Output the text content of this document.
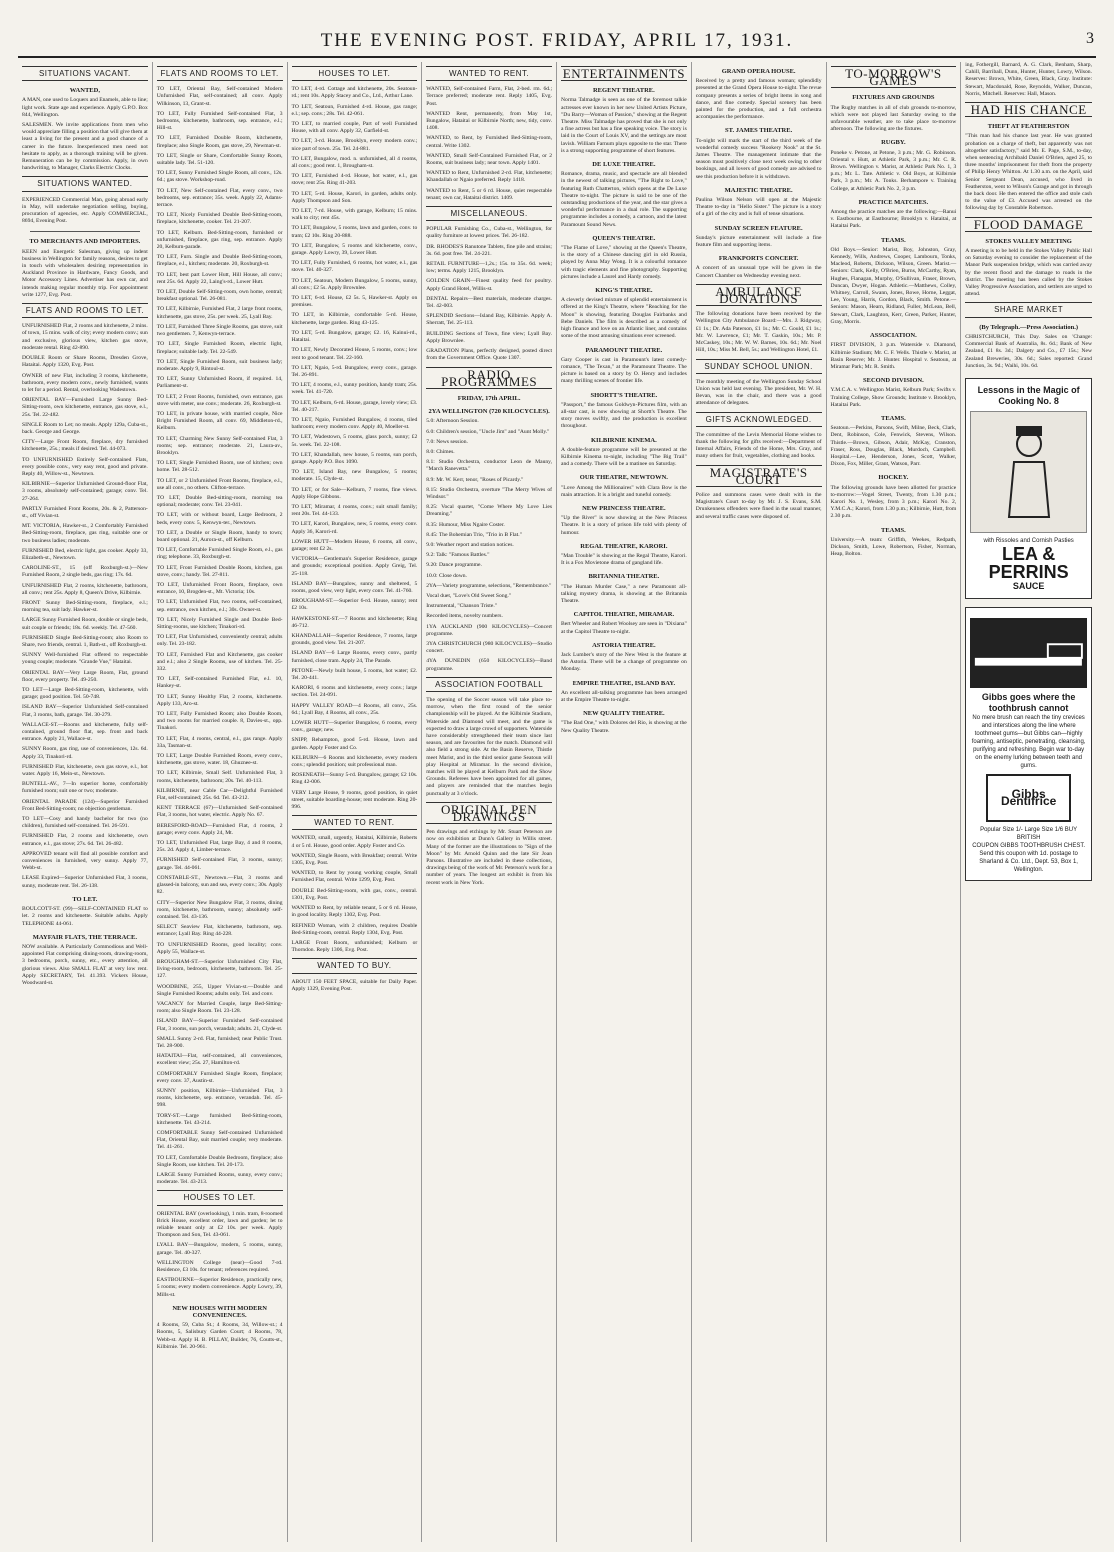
THE EVENING POST. FRIDAY, APRIL 17, 1931.	3
SITUATIONS VACANT.
WANTED,

A MAN, one used to Loquers and Enamels, able to line; light work. State age and experience. Apply G.P.O. Box 844, Wellington.

SALESMEN. We invite applications from men who would appreciate filling a position that will give them at least a living for the present and a good chance of a career in the future. Inexperienced men need not hesitate to apply, as a thorough training will be given. Remuneration can be by commission. Apply, in own handwriting, to Manager, Clarks Electric Clocks.

SITUATIONS WANTED.

EXPERIENCED Commercial Man, going abroad early in May, will undertake negotiation selling, buying, procuration of agencies, etc. Apply COMMERCIAL, 8694, Evening Post.

TO MERCHANTS AND IMPORTERS.

KEEN and Energetic Salesman, giving up indent business in Wellington for family reasons, desires to get in touch with wholesalers desiring representation in Auckland Province in Hardware, Fancy Goods, and Motor Accessory Lines. Advertiser has own car, and intends making regular monthly trip. For appointment write 1277, Evg. Post.

FLATS AND ROOMS TO LET.

UNFURNISHED Flat, 2 rooms and kitchenette, 2 mins. of town, 15 mins. walk of city; every modern conv.; sun and exclusive, glorious view, kitchen gas stove, moderate rental. Ring 42-890.

DOUBLE Room or Share Rooms, Dresden Grove, Hataitai. Apply 1320, Evg. Post.

OWNER of new Flat, including 3 rooms, kitchenette, bathroom, every modern conv., newly furnished, wants to let for a period. Rental, overlooking Wadestown.

ORIENTAL BAY—Furnished Large Sunny Bed-Sitting-room, own kitchenette, entrance, gas stove, e.l., 25s. Tel. 22-482.

SINGLE Room to Let; no meals. Apply 129a, Cuba-st., back. George and George.

CITY—Large Front Room, fireplace, dry furnished kitchenette, 25s.; meals if desired. Tel. 44-073.

TO UNFURNISHED Entirely Self-contained Flats, every possible conv., very easy rent, good and private. Reply 40, Willow-st., Newtown.

KILBIRNIE—Superior Unfurnished Ground-floor Flat, 3 rooms, absolutely self-contained; garage; conv. Tel. 27-264.

PARTLY Furnished Front Rooms, 20s. & 2, Patterson-st., off Vivian-st.

MT. VICTORIA, Hawker-st., 2 Comfortably Furnished Bed-Sitting-room, fireplace, gas ring, suitable one or two business ladies; moderate.

FURNISHED Bed, electric light, gas cooker. Apply 33, Elizabeth-st., Newtown.

CAROLINE-ST., 15 (off Roxburgh-st.)—New Furnished Room, 2 single beds, gas ring; 17s. 6d.

UNFURNISHED Flat, 2 rooms, kitchenette, bathroom, all conv.; rent 25s. Apply 8, Queen's Drive, Kilbirnie.

FRONT Sunny Bed-Sitting-room, fireplace, e.l.; morning tea, suit lady. Hawker-st.

LARGE Sunny Furnished Room, double or single beds, suit couple or friends; 18s. 6d. weekly. Tel. 47-560.

FURNISHED Single Bed-Sitting-room; also Room to Share, two friends, central. 1, Bath-st., off Roxburgh-st.

SUNNY Well-furnished Flat offered to respectable young couple; moderate. "Grande Vue," Hataitai.

ORIENTAL BAY—Very Large Room, Flat, ground floor, every property. Tel. 49-250.

TO LET—Large Bed-Sitting-room, kitchenette, with garage; good position. Tel. 50-748.

ISLAND BAY—Superior Unfurnished Self-contained Flat, 3 rooms, bath, garage. Tel. 30-279.

WALLACE-ST.—Rooms and kitchenette, fully self-contained, ground floor flat, sep. front and back entrance. Apply 21, Wallace-st.

SUNNY Room, gas ring, use of conveniences, 12s. 6d. Apply 33, Tinakori-rd.

FURNISHED Flat, kitchenette, own gas stove, e.l., hot water. Apply 16, Mein-st., Newtown.

BUNTELL-AV., 7—In superior home, comfortably furnished room; suit one or two; moderate.

ORIENTAL PARADE (124)—Superior Furnished Front Bed-Sitting-room; no objection gentleman.

TO LET—Cosy and handy bachelor for two (no children), furnished self-contained. Tel. 26-591.

FURNISHED Flat, 2 rooms and kitchenette, own entrance, e.l., gas stove; 27s. 6d. Tel. 26-482.

APPROVED tenant will find all possible comfort and conveniences in furnished, very sunny. Apply 77, Webb-st.

LEASE Expired—Superior Unfurnished Flat, 3 rooms, sunny, moderate rent. Tel. 26-138.

TO LET.

BOULCOTT-ST. (99)—SELF-CONTAINED FLAT to let. 2 rooms and kitchenette. Suitable adults. Apply TELEPHONE 44-061.

MAYFAIR FLATS, THE TERRACE.

NOW available. A Particularly Commodious and Well-appointed Flat comprising dining-room, drawing-room, 3 bedrooms, porch, sunny, etc., every attention, all glorious views. Also SMALL FLAT at very low rent. Apply SECRETARY, Tel. 41.393. Vickers House, Woodward-st.

FLATS AND ROOMS TO LET.

TO LET, Oriental Bay, Self-contained Modern Unfurnished Flat, self-contained; all conv. Apply Wilkinson, 13, Grant-st.

TO LET, Fully Furnished Self-contained Flat, 3 bedrooms, kitchenette, bathroom, sep. entrance, e.l.; Hill-st.

TO LET, Furnished Double Room, kitchenette, fireplace; also Single Room, gas stove, 29, Newman-st.

TO LET, Single or Share, Comfortable Sunny Room, suitable lady. Tel. 51-120.

TO LET, Sunny Furnished Single Room, all conv., 12s. 6d.; gas stove. Workshop-road.

TO LET, New Self-contained Flat, every conv., two bedrooms, sep. entrance; 35s. week. Apply 22, Adams-terrace.

TO LET, Nicely Furnished Double Bed-Sitting-room, fireplace, kitchenette, cooker. Tel. 21-207.

TO LET, Kelburn. Bed-Sitting-room, furnished or unfurnished, fireplace, gas ring, sep. entrance. Apply 20, Kelburn-parade.

TO LET, Furn. Single and Double Bed-Sitting-room, fireplace, e.l., kitchen; moderate. 20, Roxburgh-st.

TO LET, best part Lower Hutt, Hill House, all conv.; rent 25s. 6d. Apply 22, Laing's-rd., Lower Hutt.

TO LET, Double Self-Sitting-room, own home, central; breakfast optional. Tel. 26-081.

TO LET, Kilbirnie, Furnished Flat, 2 large front rooms, kitchenette, gas stove, 25s. per week. 25, Lyall Bay.

TO LET, Furnished Three Single Rooms, gas stove, suit two gentlemen. 7, Kenwyn-terrace.

TO LET, Single Furnished Room, electric light, fireplace; suitable lady. Tel. 22-549.

TO LET, Single Furnished Room, suit business lady; moderate. Apply 9, Rintoul-st.

TO LET, Sunny Unfurnished Room, if required. 14, Parliament-st.

TO LET, 2 Front Rooms, furnished, own entrance, gas stove with meter, use conv.; moderate. 26, Roxburgh-st.

TO LET, in private house, with married couple, Nice Bright Furnished Room, all conv. 69, Middleton-rd., Kelburn.

TO LET, Charming New Sunny Self-contained Flat, 3 rooms; sep. entrance; moderate. 21, Laura-av., Brooklyn.

TO LET, Single Furnished Room, use of kitchen; own home. Tel. 28-512.

TO LET, or 2 Unfurnished Front Rooms, fireplace, e.l., use all conv., no others. Clifton-terrace.

TO LET, Double Bed-sitting-room, morning tea optional; moderate; conv. Tel. 23-041.

TO LET, with or without board, Large Bedroom, 2 beds, every conv. 5, Kenwyn-ter., Newtown.

TO LET, a Double or Single Room, handy to town; board optional. 21, Aurora-st., off Kelburn.

TO LET, Comfortable Furnished Single Room, e.l., gas ring; telephone. 33, Roxburgh-st.

TO LET, Front Furnished Double Room, kitchen, gas stove, conv.; handy. Tel. 27-811.

TO LET, Unfurnished Front Room, fireplace, own entrance, 10, Brogden-st., Mt. Victoria; 10s.

TO LET, Unfurnished Flat, two rooms, self-contained, sep. entrance, own kitchen, e.l.; 30s. Owner-st.

TO LET, Nicely Furnished Single and Double Bed-Sitting-rooms, use kitchen; Tinakori-rd.

TO LET, Flat Unfurnished, conveniently central; adults only. Tel. 23-182.

TO LET, Furnished Flat and Kitchenette, gas cooker and e.l.; also 2 Single Rooms, use of kitchen. Tel. 25-332.

TO LET, Self-contained Furnished Flat, e.l. 10, Hankey-st.

TO LET, Sunny Healthy Flat, 2 rooms, kitchenette. Apply 133, Aro-st.

TO LET, Fully Furnished Room; also Double Room, and two rooms for married couple. 8, Davies-st., opp. Tinakori.

TO LET, Flat, 4 rooms, central, e.l., gas range. Apply 33a, Tasman-st.

TO LET, Large Double Furnished Room, every conv., kitchenette, gas stove, water. 18, Ghuznee-st.

TO LET, Kilbirnie, Small Self. Unfurnished Flat, 3 rooms, kitchenette, bathroom; 20s. Tel. 40-113.

KILBIRNIE, near Cable Car—Delightful Furnished Flat, self-contained; 25s. 6d. Tel. 43-212.

KENT TERRACE (67)—Unfurnished Self-contained Flat, 3 rooms, hot water, electric. Apply No. 67.

BERESFORD-ROAD—Furnished Flat, 4 rooms, 2 garage; every conv. Apply 24, Mt.

TO LET, Unfurnished Flat, large Bay, 4 and 8 rooms, 25s. 2d. Apply 4, Limber-terrace.

FURNISHED Self-contained Flat, 3 rooms, sunny; garage. Tel. 44-061.

CONSTABLE-ST., Newtown.—Flat, 3 rooms and glassed-in balcony, sun and sea, every conv.; 30s. Apply 82.

CITY—Superior New Bungalow Flat, 3 rooms, dining room, kitchenette, bathroom, sunny; absolutely self-contained. Tel. 43-136.

SELECT Seaview Flat, kitchenette, bathroom, sep. entrance; Lyall Bay. Ring 44-228.

TO UNFURNISHED Rooms, good locality; conv. Apply 55, Wallace-st.

BROUGHAM-ST.—Superior Unfurnished City Flat, living-room, bedroom, kitchenette, bathroom. Tel. 25-127.

WOODBINE, 255, Upper Vivian-st.—Double and Single Furnished Rooms; adults only. Tel. and conv.

VACANCY for Married Couple, large Bed-Sitting-room; also Single Room. Tel. 23-128.

ISLAND BAY—Superior Furnished Self-contained Flat, 3 rooms, sun porch, verandah; adults. 21, Clyde-st.

SMALL Sunny 2-rd. Flat, furnished; near Public Trust. Tel. 28-900.

HATAITAI—Flat, self-contained, all conveniences, excellent view; 25s. 27, Hamilton-rd.

COMFORTABLY Furnished Single Room, fireplace; every conv. 37, Austin-st.

SUNNY position, Kilbirnie—Unfurnished Flat, 3 rooms, kitchenette, sep. entrance, verandah. Tel. 45-998.

TORY-ST.—Large furnished Bed-Sitting-room, kitchenette. Tel. 43-214.

COMFORTABLE Sunny Self-contained Unfurnished Flat, Oriental Bay, suit married couple; very moderate. Tel. 41-261.

TO LET, Comfortable Double Bedroom, fireplace; also Single Room, use kitchen. Tel. 20-173.

LARGE Sunny Furnished Rooms, sunny, every conv.; moderate. Tel. 43-213.

HOUSES TO LET.

ORIENTAL BAY (overlooking), 1 min. tram, 8-roomed Brick House, excellent order, lawn and garden; let to reliable tenant only at £2 10s. per week. Apply Thompson and Son, Tel. 43-061.

LYALL BAY—Bungalow, modern, 5 rooms, sunny, garage. Tel. 40-327.

WELLINGTON College (near)—Good 7-rd. Residence, £3 10s. for tenant; references required.

EASTBOURNE—Superior Residence, practically new, 5 rooms; every modern convenience. Apply Lowry, 39, Mills-st.

NEW HOUSES WITH MODERN CONVENIENCES.

4 Rooms, 59, Cuba St.; 4 Rooms, 34, Willow-st.; 4 Rooms, 5, Salisbury Garden Court; 4 Rooms, 78, Webb-st. Apply H. B. PILLAY, Builder, 76, Coutts-st., Kilbirnie. Tel. 20-961.

HOUSES TO LET.

TO LET, 4-rd. Cottage and kitchenette, 20s. Seatoun-rd.; rent 10s. Apply Stacey and Co., Ltd., Arthur Lane.

TO LET, Seatoun, Furnished 4-rd. House, gas range; e.l.; sep. conv.; 28s. Tel. 42-061.

TO LET, to married couple, Part of well Furnished House, with all conv. Apply 32, Garfield-st.

TO LET, 3-rd. House, Brooklyn, every modern conv.; nice part of town. 25s. Tel. 24-881.

TO LET, Bungalow, mod. n. unfurnished, all 4 rooms, all conv.; good rent. 1, Brougham-st.

TO LET, Furnished 4-rd. House, hot water, e.l., gas stove; rent 25s. Ring 41-203.

TO LET, 5-rd. House, Karori, in garden, adults only. Apply Thompson and Son.

TO LET, 7-rd. House, with garage, Kelburn; 15 mins. walk to city; rent 45s.

TO LET, Bungalow, 5 rooms, lawn and garden, conv. to tram; £2 10s. Ring 20-888.

TO LET, Bungalow, 5 rooms and kitchenette, conv., garage. Apply Lowry, 39, Lower Hutt.

TO LET, Fully Furnished, 6 rooms, hot water, e.l., gas stove. Tel. 40-327.

TO LET, Seatoun, Modern Bungalow, 5 rooms, sunny, all conv.; £2 5s. Apply Brownlee.

TO LET, 6-rd. House, £2 5s. 5, Hawker-st. Apply on premises.

TO LET, in Kilbirnie, comfortable 5-rd. House, kitchenette, large garden. Ring 43-125.

TO LET, 5-rd. Bungalow, garage; £2. 16, Kainui-rd., Hataitai.

TO LET, Newly Decorated House, 5 rooms, conv.; low rent to good tenant. Tel. 22-160.

TO LET, Ngaio, 5-rd. Bungalow, every conv., garage. Tel. 26-891.

TO LET, 4 rooms, e.l., sunny position, handy tram; 25s. week. Tel. 41-720.

TO LET, Kelburn, 6-rd. House, garage, lovely view; £3. Tel. 40-217.

TO LET, Ngaio, Furnished Bungalow, 4 rooms, tiled bathroom; every modern conv. Apply 40, Moeller-st.

TO LET, Wadestown, 5 rooms, glass porch, sunny; £2 5s. week. Tel. 22-108.

TO LET, Khandallah, new house, 5 rooms, sun porch, garage. Apply P.O. Box 1090.

TO LET, Island Bay, new Bungalow, 5 rooms; moderate. 15, Clyde-st.

TO LET, or for Sale—Kelburn, 7 rooms, fine views. Apply Hope Gibbons.

TO LET, Miramar, 4 rooms, conv.; suit small family; rent 20s. Tel. 44-133.

TO LET, Karori, Bungalow, new, 5 rooms, every conv. Apply 36, Karori-rd.

LOWER HUTT—Modern House, 6 rooms, all conv., garage; rent £2 2s.

VICTORIA—Gentleman's Superior Residence, garage and grounds; exceptional position. Apply Greig, Tel. 25-118.

ISLAND BAY—Bungalow, sunny and sheltered, 5 rooms, good view, very light, every conv. Tel. 41-760.

BROUGHAM-ST.—Superior 6-rd. House, sunny; rent £2 10s.

HAWKESTONE-ST.—7 Rooms and kitchenette; Ring 46-712.

KHANDALLAH—Superior Residence, 7 rooms, large grounds, good view. Tel. 21-207.

ISLAND BAY—6 Large Rooms, every conv., partly furnished, close tram. Apply 24, The Parade.

PETONE—Newly built house, 5 rooms, hot water; £2. Tel. 20-441.

KARORI, 6 rooms and kitchenette, every conv.; large section. Tel. 24-091.

HAPPY VALLEY ROAD—4 Rooms, all conv., 25s. 6d.; Lyall Bay, 4 Rooms, all conv., 25s.

LOWER HUTT—Superior Bungalow, 6 rooms, every conv., garage; new.

SNIPP, Rehampton, good 5-rd. House, lawn and garden. Apply Foster and Co.

KELBURN—6 Rooms and kitchenette, every modern conv.; splendid position; suit professional man.

ROSENEATH—Sunny 5-rd. Bungalow, garage; £2 10s. Ring 42-006.

VERY Large House, 9 rooms, good position, in quiet street, suitable boarding-house; rent moderate. Ring 20-996.

WANTED TO RENT.

WANTED, small, urgently, Hataitai, Kilbirnie, Roberts 4 or 5 rd. House, good order. Apply Foster and Co.

WANTED, Single Room, with Breakfast; central. Write 1305, Evg. Post.

WANTED, to Rent by young working couple, Small Furnished Flat, central. Write 1299, Evg. Post.

DOUBLE Bed-Sitting-room, with gas, conv., central. 1301, Evg. Post.

WANTED to Rent, by reliable tenant, 5 or 6 rd. House, in good locality. Reply 1302, Evg. Post.

REFINED Woman, with 2 children, requires Double Bed-Sitting-room, central. Reply 1304, Evg. Post.

LARGE Front Room, unfurnished; Kelburn or Thorndon. Reply 1306, Evg. Post.

WANTED TO BUY.

ABOUT 150 FEET SPACE, suitable for Daily Paper. Apply 1329, Evening Post.

WANTED TO RENT.

WANTED, Self-contained Farm, Flat, 2-bed. rm. 6d.; Terrace preferred; moderate rent. Reply 1405, Evg. Post.

WANTED Rent, permanently, from May 1st, Bungalow, Hataitai or Kilbirnie North; new, tidy, conv. 1408.

WANTED, to Rent, by Furnished Bed-Sitting-room, central. Write 1302.

WANTED, Small Self-Contained Furnished Flat, or 2 Rooms, suit business lady; near town. Apply 1401.

WANTED to Rent, Unfurnished 2-rd. Flat, kitchenette; Khandallah or Ngaio preferred. Reply 1418.

WANTED to Rent, 5 or 6 rd. House, quiet respectable tenant; own car, Hataitai district. 1409.

MISCELLANEOUS.

POPULAR Furnishing Co., Cuba-st., Wellington, for quality furniture at lowest prices. Tel. 26-182.

DR. RHODES'S Ranutone Tablets, fine pile and strains; 3s. 6d. post free. Tel. 24-221.

RETAIL FURNITURE—1,2s.; 15s. to 35s. 6d. week; low; terms. Apply 1215, Brooklyn.

GOLDEN GRAIN—Finest quality feed for poultry. Apply Grand Hotel, Willis-st.

DENTAL Repairs—Best materials, moderate charges. Tel. 42-003.

SPLENDID Sections—Island Bay, Kilbirnie. Apply A. Sherratt, Tel. 25-113.

BUILDING Sections of Town, fine view; Lyall Bay. Apply Brownlee.

GRADATION Plans, perfectly designed, posted direct from the Government Office. Quote 1307.

RADIO PROGRAMMES
FRIDAY, 17th APRIL.
2YA WELLINGTON (720 KILOCYCLES).

5.0: Afternoon Session.

6.0: Children's session, "Uncle Jim" and "Aunt Molly."

7.0: News session.

8.0: Chimes.

8.1: Studio Orchestra, conductor Leon de Mauny, "March Ranevetta."

8.9: Mr. W. Kerr, tenor, "Roses of Picardy."

8.15: Studio Orchestra, overture "The Merry Wives of Windsor."

8.25: Vocal quartet, "Come Where My Love Lies Dreaming."

8.35: Humour, Miss Ngaire Coster.

8.45: The Bohemian Trio, "Trio in B Flat."

9.0: Weather report and station notices.

9.2: Talk: "Famous Battles."

9.20: Dance programme.

10.0: Close down.

2YA—Variety programme, selections, "Remembrance."

Vocal duet, "Love's Old Sweet Song."

Instrumental, "Chanson Triste."

Recorded items, novelty numbers.

1YA AUCKLAND (900 KILOCYCLES)—Concert programme.

3YA CHRISTCHURCH (980 KILOCYCLES)—Studio concert.

4YA DUNEDIN (650 KILOCYCLES)—Band programme.

ASSOCIATION FOOTBALL

The opening of the Soccer season will take place to-morrow, when the first round of the senior championship will be played. At the Kilbirnie Stadium, Waterside and Diamond will meet, and the game is expected to draw a large crowd of supporters. Waterside have considerably strengthened their team since last season, and are favourites for the match. Diamond will also field a strong side. At the Basin Reserve, Thistle meet Marist, and in the third senior game Seatoun will play Hospital at Miramar. In the second division, matches will be played at Kelburn Park and the Show Grounds. Referees have been appointed for all games, and players are reminded that the matches begin punctually at 3 o'clock.

ORIGINAL PEN DRAWINGS

Pen drawings and etchings by Mr. Stuart Peterson are now on exhibition at Dunn's Gallery in Willis street. Many of the former are the illustrations to "Sign of the Moon" by Mr. Arnold Quinn and the late Sir Joan Parsons. Illustrative are included in these collections, drawings being of the work of Mr. Peterson's work for a number of years. The longest art exhibit is from his recent work in New York.

ENTERTAINMENTS
REGENT THEATRE.

Norma Talmadge is seen as one of the foremost talkie actresses ever known in her new United Artists Picture, "Du Barry—Woman of Passion," showing at the Regent Theatre. Miss Talmadge has proved that she is not only a fine actress but has a fine speaking voice. The story is laid in the Court of Louis XV, and the settings are most lavish. William Farnum plays opposite to the star. There is a strong supporting programme of short features.

DE LUXE THEATRE.

Romance, drama, music, and spectacle are all blended in the newest of talking pictures, "The Right to Love," featuring Ruth Chatterton, which opens at the De Luxe Theatre to-night. The picture is said to be one of the outstanding productions of the year, and the star gives a wonderful performance in a dual role. The supporting programme includes a comedy, a cartoon, and the latest Paramount Sound News.

QUEEN'S THEATRE.

"The Flame of Love," showing at the Queen's Theatre, is the story of a Chinese dancing girl in old Russia, played by Anna May Wong. It is a colourful romance with tragic elements and fine photography. Supporting pictures include a Laurel and Hardy comedy.

KING'S THEATRE.

A cleverly devised mixture of splendid entertainment is offered at the King's Theatre, where "Reaching for the Moon" is showing, featuring Douglas Fairbanks and Bebe Daniels. The film is described as a comedy of high finance and love on an Atlantic liner, and contains some of the most amusing situations ever screened.

PARAMOUNT THEATRE.

Gary Cooper is cast in Paramount's latest comedy-romance, "The Texan," at the Paramount Theatre. The picture is based on a story by O. Henry and includes many thrilling scenes of frontier life.

SHORTT'S THEATRE.

"Passport," the famous Goldwyn-Pictures film, with an all-star cast, is now showing at Shortt's Theatre. The story moves swiftly, and the production is excellent throughout.

KILBIRNIE KINEMA.

A double-feature programme will be presented at the Kilbirnie Kinema to-night, including "The Big Trail" and a comedy. There will be a matinee on Saturday.

OUR THEATRE, NEWTOWN.

"Love Among the Millionaires" with Clara Bow is the main attraction. It is a bright and tuneful comedy.

NEW PRINCESS THEATRE.

"Up the River" is now showing at the New Princess Theatre. It is a story of prison life told with plenty of humour.

REGAL THEATRE, KARORI.

"Man Trouble" is showing at the Regal Theatre, Karori. It is a Fox Movietone drama of gangland life.

BRITANNIA THEATRE.

"The Human Murder Case," a new Paramount all-talking mystery drama, is showing at the Britannia Theatre.

CAPITOL THEATRE, MIRAMAR.

Bert Wheeler and Robert Woolsey are seen in "Dixiana" at the Capitol Theatre to-night.

ASTORIA THEATRE.

Jack Lumber's story of the New West is the feature at the Astoria. There will be a change of programme on Monday.

EMPIRE THEATRE, ISLAND BAY.

An excellent all-talking programme has been arranged at the Empire Theatre to-night.

NEW QUALITY THEATRE.

"The Bad One," with Dolores del Rio, is showing at the New Quality Theatre.

GRAND OPERA HOUSE.

Received by a pretty and famous woman; splendidly presented at the Grand Opera House to-night. The revue company presents a series of bright items in song and dance, and fine comedy. Special scenery has been painted for the production, and a full orchestra accompanies the performance.

ST. JAMES THEATRE.

To-night will mark the start of the third week of the wonderful comedy success "Rookery Nook" at the St. James Theatre. The management intimate that the season must positively close next week owing to other bookings, and all lovers of good comedy are advised to see this production before it is withdrawn.

MAJESTIC THEATRE.

Paulina Wilson Nelson will open at the Majestic Theatre to-day in "Hello Sister." The picture is a story of a girl of the city and is full of tense situations.

SUNDAY SCREEN FEATURE.

Sunday's picture entertainment will include a fine feature film and supporting items.

FRANKPORTS CONCERT.

A concert of an unusual type will be given in the Concert Chamber on Wednesday evening next.

AMBULANCE DONATIONS

The following donations have been received by the Wellington City Ambulance Board:—Mrs. J. Ridgway, £1 1s.; Dr. Ada Paterson, £1 1s.; Mr. C. Gould, £1 1s.; Mr. W. Lawrence, £1; Mr. T. Gaskin, 10s.; Mr. P. McCaskey, 10s.; Mr. W. W. Barnes, 10s. 6d.; Mr. Noel Hill, 10s.; Miss M. Bell, 5s.; and Wellington Hotel, £1.

SUNDAY SCHOOL UNION.

The monthly meeting of the Wellington Sunday School Union was held last evening. The president, Mr. W. H. Bevan, was in the chair, and there was a good attendance of delegates.

GIFTS ACKNOWLEDGED.

The committee of the Levin Memorial Home wishes to thank the following for gifts received:—Department of Internal Affairs, Friends of the Home, Mrs. Gray, and many others for fruit, vegetables, clothing and books.

MAGISTRATE'S COURT

Police and summons cases were dealt with in the Magistrate's Court to-day by Mr. J. S. Evans, S.M. Drunkenness offenders were fined in the usual manner, and several traffic cases were disposed of.

TO-MORROW'S GAMES
FIXTURES AND GROUNDS

The Rugby matches in all of club grounds to-morrow, which were not played last Saturday owing to the unfavourable weather, are to take place to-morrow afternoon. The following are the fixtures.

RUGBY.

Poneke v. Petone, at Petone, 3 p.m.; Mr. G. Robinson. Oriental v. Hutt, at Athletic Park, 3 p.m.; Mr. C. R. Brown. Wellington v. Marist, at Athletic Park No. 1, 3 p.m.; Mr. L. Tate. Athletic v. Old Boys, at Kilbirnie Park, 3 p.m.; Mr. A. Tonks. Berhampore v. Training College, at Athletic Park No. 2, 3 p.m.

PRACTICE MATCHES.

Among the practice matches are the following:—Ranui v. Eastbourne, at Eastbourne; Brooklyn v. Hataitai, at Hataitai Park.

TEAMS.

Old Boys.—Senior: Marist, Boy, Johnston, Gray, Kennedy, Wills, Andrews, Cooper, Lambourn, Tonks, Macleod, Roberts, Dickson, Wilson, Green. Marist.—Seniors: Clark, Kelly, O'Brien, Burns, McCarthy, Ryan, Hughes, Flanagan, Murphy, O'Sullivan, Fraser, Brown, Duncan, Dwyer, Hogan. Athletic.—Matthews, Colley, Whitney, Carroll, Swann, Jones, Rowe, Horne, Leggat, Lee, Young, Harris, Gordon, Black, Smith. Petone.—Seniors: Mason, Hearn, Ridland, Fuller, McLean, Bell, Stewart, Clark, Laughton, Kerr, Green, Parker, Hunter, Gray, Morris.

ASSOCIATION.

FIRST DIVISION, 3 p.m. Waterside v. Diamond, Kilbirnie Stadium; Mr. C. F. Wells. Thistle v. Marist, at Basin Reserve; Mr. J. Hunter. Hospital v. Seatoun, at Miramar Park; Mr. R. Smith.

SECOND DIVISION.

Y.M.C.A. v. Wellington Marist, Kelburn Park; Swifts v. Training College, Show Grounds; Institute v. Brooklyn, Hataitai Park.

TEAMS.

Seatoun.—Perkins, Parsons, Swift, Milne, Beck, Clark, Dent, Robinson, Cole, Fenwick, Stevens, Wilson. Thistle.—Brown, Gibson, Adair, McKay, Cranston, Fraser, Ross, Douglas, Black, Murdoch, Campbell. Hospital.—Lee, Henderson, Jones, Scott, Walker, Dixon, Fox, Miller, Grant, Watson, Parr.

HOCKEY.

The following grounds have been allotted for practice to-morrow:—Vogel Street, Twenty, from 1.30 p.m.; Karori No. 1, Wesley, from 3 p.m.; Karori No. 2, Y.M.C.A.; Karori, from 1.30 p.m.; Kilbirnie, Hutt, from 2.30 p.m.

TEAMS.

University.—A team: Griffith, Weekes, Redpath, Dickson, Smith, Lowe, Robertson, Fisher, Norman, Heap, Bolton.

ing, Fothergill, Barnard, A. G. Clark, Benham, Sharp, Cahill, Barriball, Dunn, Hunter, Hunter, Lowry, Wilson. Reserves: Brown, White, Green, Black, Gray. Institute: Stewart, Macdonald, Rose, Reynolds, Walker, Duncan, Norris, Mitchell. Reserves: Hall, Mason.

HAD HIS CHANCE
THEFT AT FEATHERSTON

"This man had his chance last year. He was granted probation on a charge of theft, but apparently was not altogether satisfactory," said Mr. E. Page, S.M., to-day, when sentencing Archibald Daniel O'Brien, aged 25, to three months' imprisonment for theft from the property of Philip Henry Whitton. At 1.30 a.m. on the April, said Senior Sergeant Dean, accused, who lived in Featherston, went to Wilson's Garage and got in through the back door. He then entered the office and stole cash to the value of £3. Accused was arrested on the following day by Constable Robertson.

FLOOD DAMAGE
STOKES VALLEY MEETING

A meeting is to be held in the Stokes Valley Public Hall on Saturday evening to consider the replacement of the Manor Park suspension bridge, which was carried away by the recent flood and the damage to roads in the district. The meeting has been called by the Stokes Valley Progressive Association, and settlers are urged to attend.

SHARE MARKET
(By Telegraph.—Press Association.)

CHRISTCHURCH, This Day. Sales on 'Change: Commercial Bank of Australia, 8s. 6d.; Bank of New Zealand, £1 8s. 3d.; Dalgety and Co., £7 15s.; New Zealand Breweries, 30s. 6d.; Sales reported: Grand Junction, 3s. 9d.; Waihi, 10s. 6d.

Lessons in the Magic of Cooking No. 8
with Rissoles and Cornish Pasties
LEA & PERRINS
SAUCE
Gibbs goes where the toothbrush cannot
No mere brush can reach the tiny crevices and interstices along the line where toothmeet gums—but Gibbs can—highly foaming, antiseptic, penetrating, cleansing, purifying and refreshing. Begin war to-day on the enemy lurking between teeth and gums.
Gibbs Dentifrice
Popular Size 1/- Large Size 1/6 BUY BRITISH
COUPON GIBBS TOOTHBRUSH CHEST. Send this coupon with 1d. postage to Sharland & Co. Ltd., Dept. 53, Box 1, Wellington.
